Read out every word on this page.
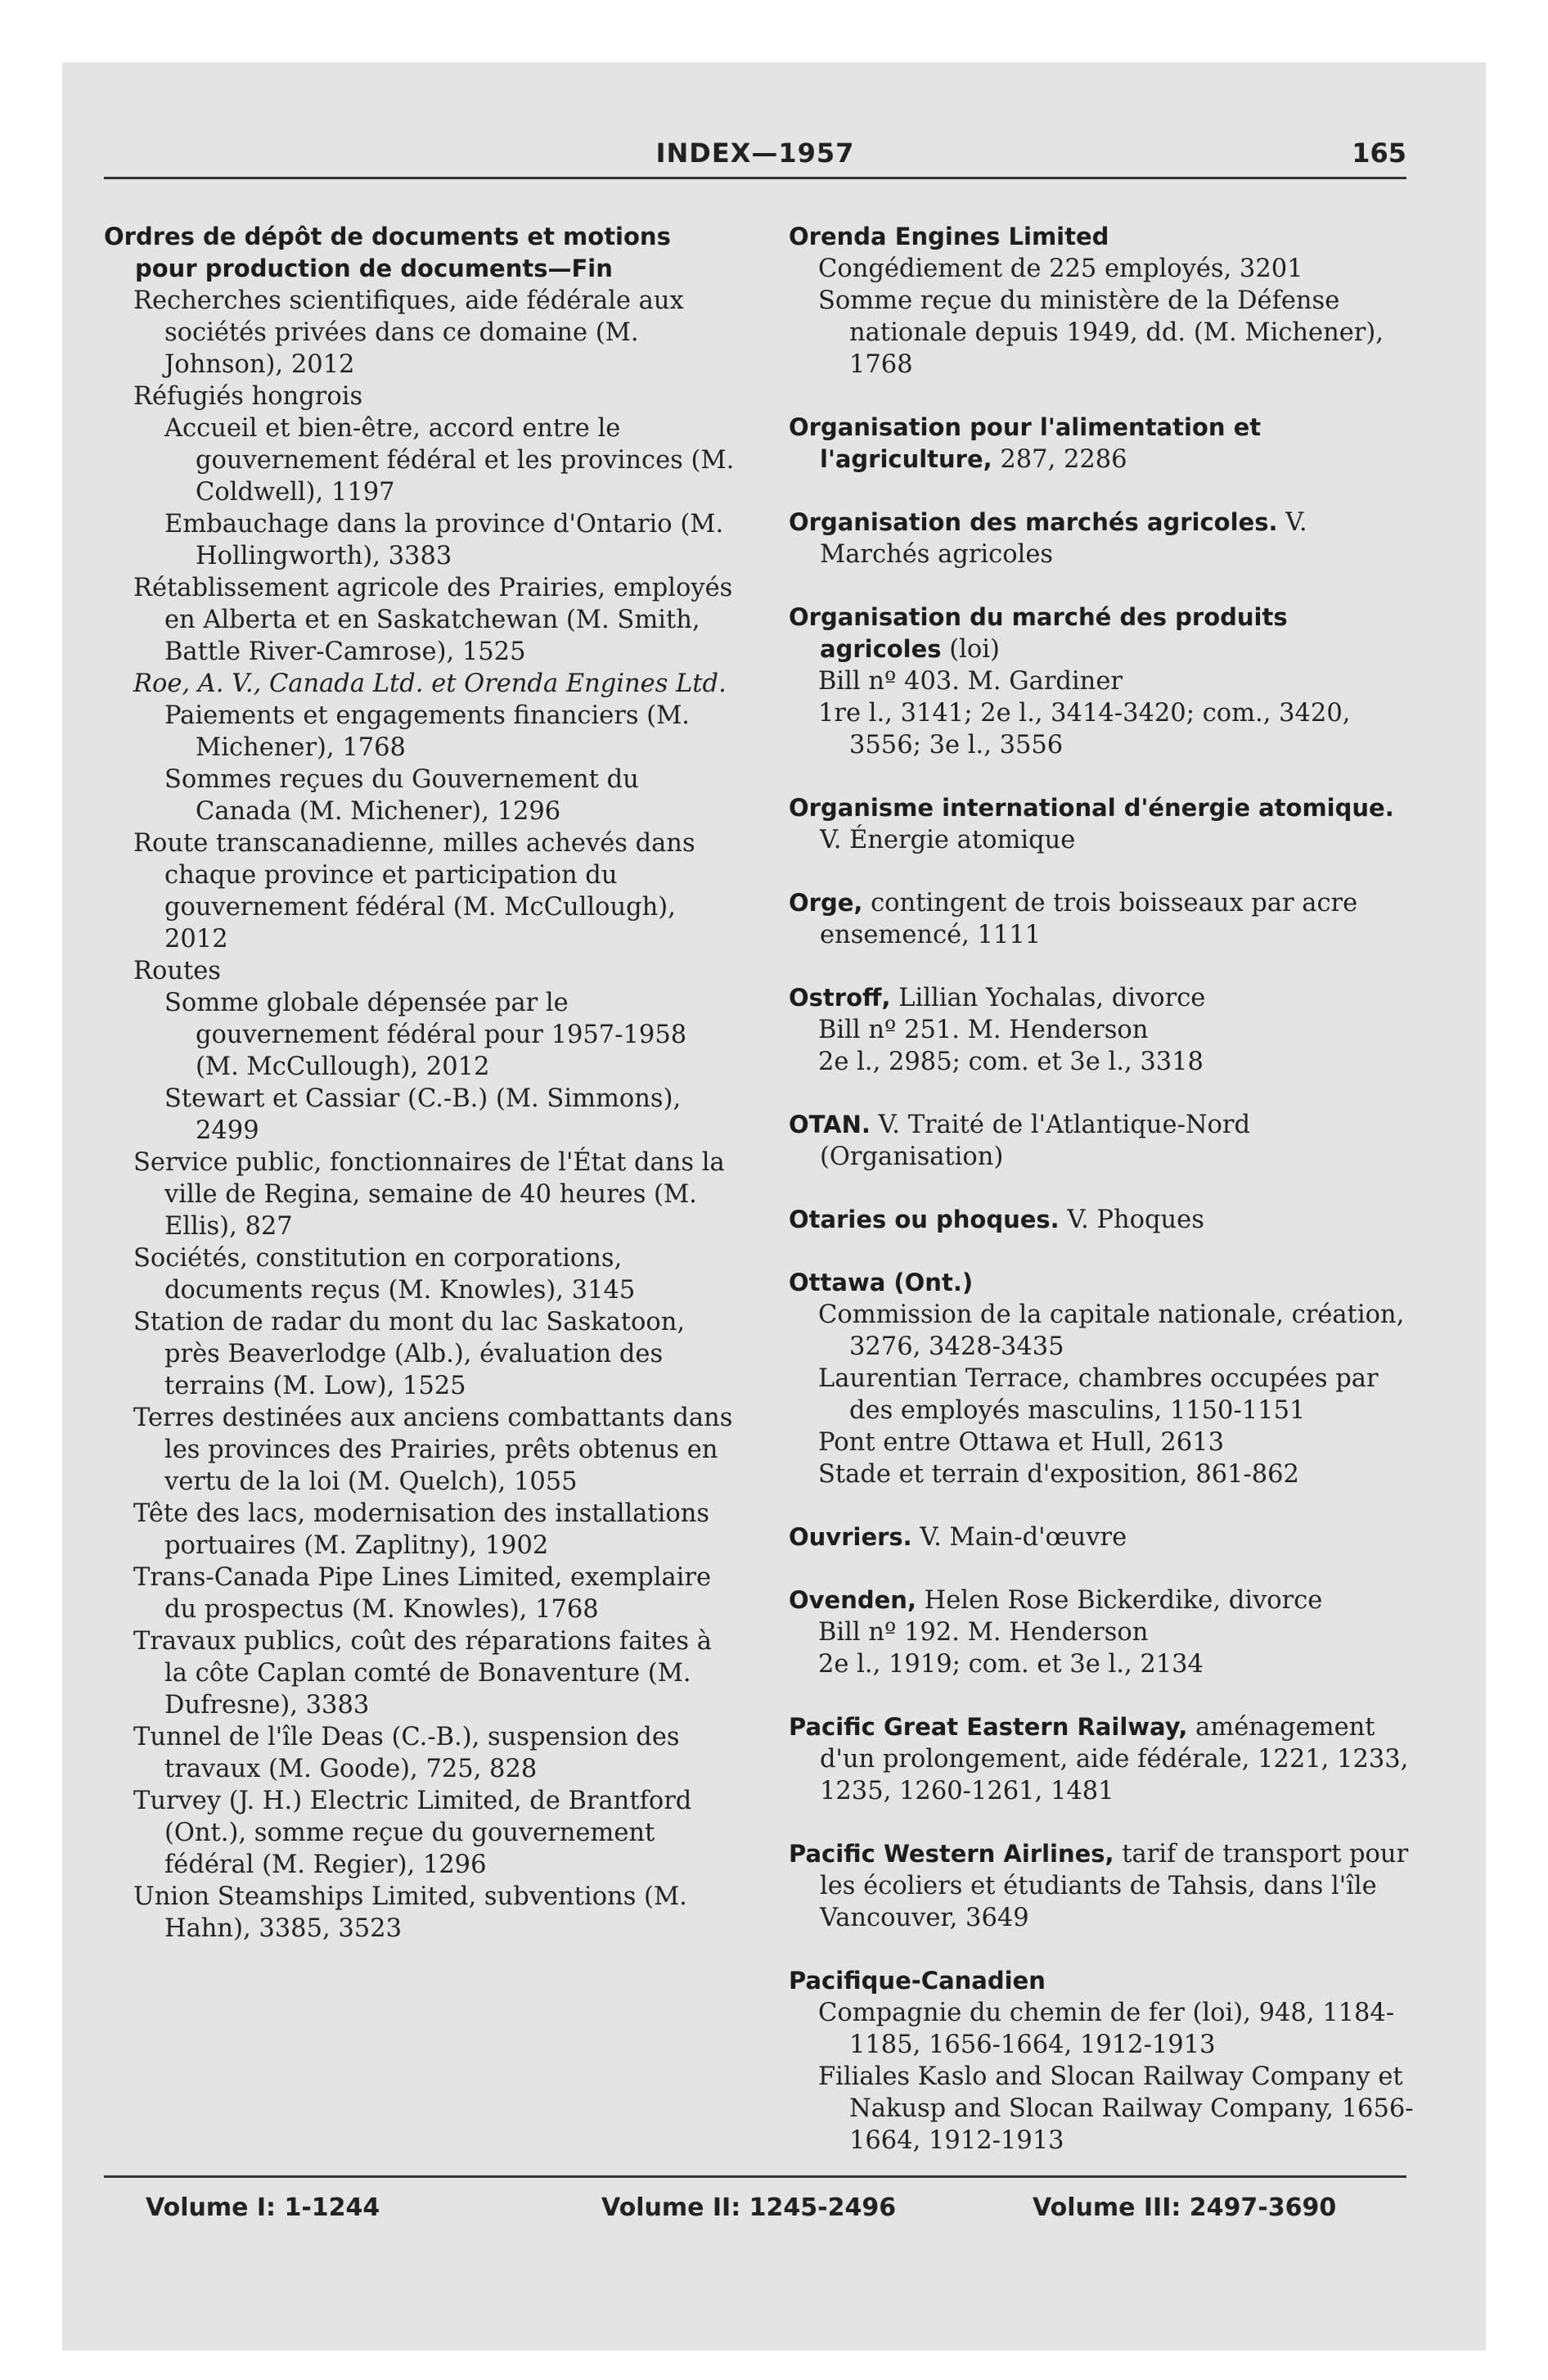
INDEX—1957	165
Ordres de dépôt de documents et motions pour production de documents—Fin
Recherches scientifiques, aide fédérale aux sociétés privées dans ce domaine (M. Johnson), 2012
Réfugiés hongrois
Accueil et bien-être, accord entre le gouvernement fédéral et les provinces (M. Coldwell), 1197
Embauchage dans la province d'Ontario (M. Hollingworth), 3383
Rétablissement agricole des Prairies, employés en Alberta et en Saskatchewan (M. Smith, Battle River-Camrose), 1525
Roe, A. V., Canada Ltd. et Orenda Engines Ltd.
Paiements et engagements financiers (M. Michener), 1768
Sommes reçues du Gouvernement du Canada (M. Michener), 1296
Route transcanadienne, milles achevés dans chaque province et participation du gouvernement fédéral (M. McCullough), 2012
Routes
Somme globale dépensée par le gouvernement fédéral pour 1957-1958 (M. McCullough), 2012
Stewart et Cassiar (C.-B.) (M. Simmons), 2499
Service public, fonctionnaires de l'État dans la ville de Regina, semaine de 40 heures (M. Ellis), 827
Sociétés, constitution en corporations, documents reçus (M. Knowles), 3145
Station de radar du mont du lac Saskatoon, près Beaverlodge (Alb.), évaluation des terrains (M. Low), 1525
Terres destinées aux anciens combattants dans les provinces des Prairies, prêts obtenus en vertu de la loi (M. Quelch), 1055
Tête des lacs, modernisation des installations portuaires (M. Zaplitny), 1902
Trans-Canada Pipe Lines Limited, exemplaire du prospectus (M. Knowles), 1768
Travaux publics, coût des réparations faites à la côte Caplan comté de Bonaventure (M. Dufresne), 3383
Tunnel de l'île Deas (C.-B.), suspension des travaux (M. Goode), 725, 828
Turvey (J. H.) Electric Limited, de Brantford (Ont.), somme reçue du gouvernement fédéral (M. Regier), 1296
Union Steamships Limited, subventions (M. Hahn), 3385, 3523
Orenda Engines Limited
Congédiement de 225 employés, 3201
Somme reçue du ministère de la Défense nationale depuis 1949, dd. (M. Michener), 1768
Organisation pour l'alimentation et l'agriculture, 287, 2286
Organisation des marchés agricoles. V. Marchés agricoles
Organisation du marché des produits agricoles (loi)
Bill nº 403. M. Gardiner
1re l., 3141; 2e l., 3414-3420; com., 3420, 3556; 3e l., 3556
Organisme international d'énergie atomique. V. Énergie atomique
Orge, contingent de trois boisseaux par acre ensemencé, 1111
Ostroff, Lillian Yochalas, divorce
Bill nº 251. M. Henderson
2e l., 2985; com. et 3e l., 3318
OTAN. V. Traité de l'Atlantique-Nord (Organisation)
Otaries ou phoques. V. Phoques
Ottawa (Ont.)
Commission de la capitale nationale, création, 3276, 3428-3435
Laurentian Terrace, chambres occupées par des employés masculins, 1150-1151
Pont entre Ottawa et Hull, 2613
Stade et terrain d'exposition, 861-862
Ouvriers. V. Main-d'œuvre
Ovenden, Helen Rose Bickerdike, divorce
Bill nº 192. M. Henderson
2e l., 1919; com. et 3e l., 2134
Pacific Great Eastern Railway, aménagement d'un prolongement, aide fédérale, 1221, 1233, 1235, 1260-1261, 1481
Pacific Western Airlines, tarif de transport pour les écoliers et étudiants de Tahsis, dans l'île Vancouver, 3649
Pacifique-Canadien
Compagnie du chemin de fer (loi), 948, 1184-1185, 1656-1664, 1912-1913
Filiales Kaslo and Slocan Railway Company et Nakusp and Slocan Railway Company, 1656-1664, 1912-1913
Volume I: 1-1244	Volume II: 1245-2496	Volume III: 2497-3690
